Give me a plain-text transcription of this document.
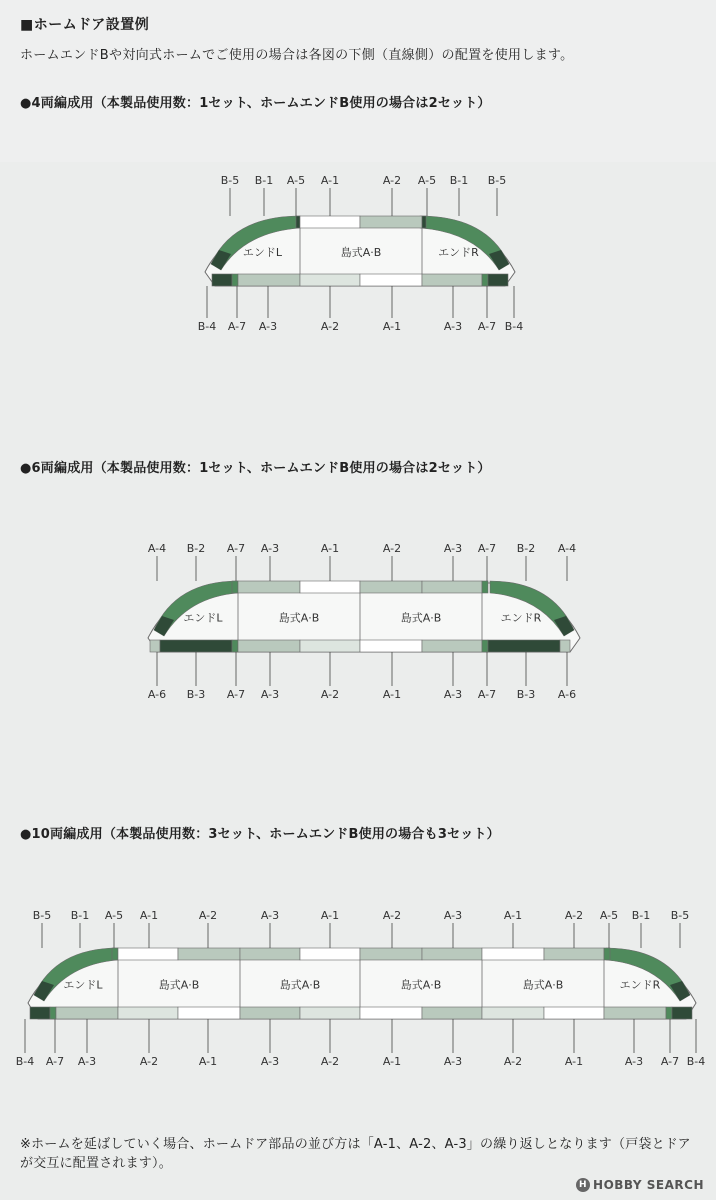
■ホームドア設置例
ホームエンドBや対向式ホームでご使用の場合は各図の下側（直線側）の配置を使用します。
●4両編成用（本製品使用数：1セット、ホームエンドB使用の場合は2セット）
エンドL	島式A·B	エンドR
B-5 B-1 A-5 A-1	A-2 A-5 B-1 B-5
B-4 A-7 A-3	A-2	A-1	A-3 A-7 B-4
●6両編成用（本製品使用数：1セット、ホームエンドB使用の場合は2セット）
エンドL	島式A·B	島式A·B	エンドR
A-4 B-2 A-7 A-3	A-1	A-2	A-3 A-7 B-2 A-4
A-6 B-3 A-7 A-3	A-2	A-1	A-3 A-7 B-3 A-6
●10両編成用（本製品使用数：3セット、ホームエンドB使用の場合も3セット）
エンドL	島式A·B	島式A·B	島式A·B	島式A·B	エンドR
B-5 B-1 A-5 A-1	A-2	A-3	A-1	A-2	A-3	A-1	A-2 A-5 B-1 B-5
B-4 A-7 A-3	A-2	A-1	A-3	A-2	A-1	A-3	A-2	A-1	A-3 A-7 B-4
※ホームを延ばしていく場合、ホームドア部品の並び方は「A-1、A-2、A-3」の繰り返しとなります（戸袋とドアが交互に配置されます）。
H HOBBY SEARCH
